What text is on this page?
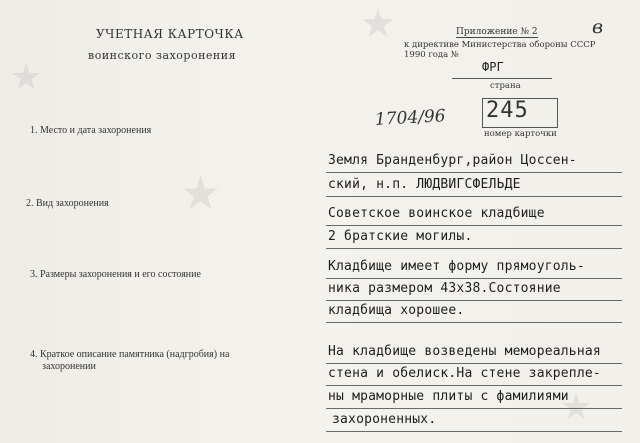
★
★
★
★
УЧЕТНАЯ КАРТОЧКА
воинского захоронения
Приложение № 2	в
к директиве Министерства обороны СССР
1990 года №
ФРГ
страна
1704/96 245
номер карточки
1. Место и дата захоронения
2. Вид захоронения
3. Размеры захоронения и его состояние
4. Краткое описание памятника (надгробия) на
захоронении
Земля Бранденбург,район Цоссен-
ский, н.п. ЛЮДВИГСФЕЛЬДЕ
Советское воинское кладбище
2 братские могилы.
Кладбище имеет форму прямоуголь-
ника размером 43х38.Состояние
кладбища хорошее.
На кладбище возведены мемореальная
стена и обелиск.На стене закрепле-
ны мраморные плиты с фамилиями
захороненных.
